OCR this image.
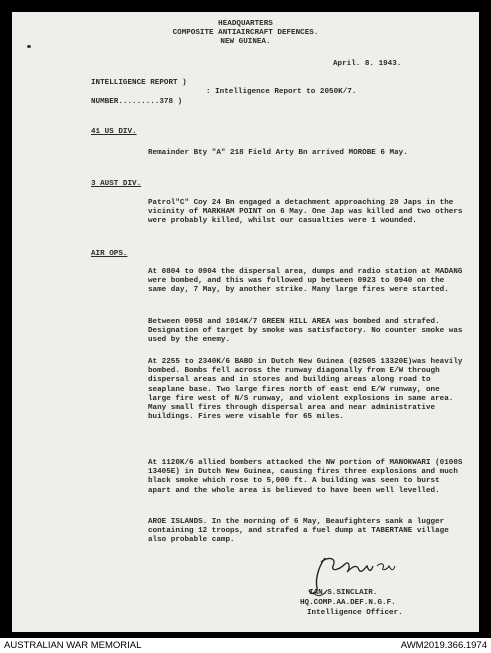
HEADQUARTERS
COMPOSITE ANTIAIRCRAFT DEFENCES.
NEW GUINEA.
April. 8. 1943.
INTELLIGENCE REPORT )
: Intelligence Report to 2050K/7.
NUMBER.........378 )
41 US DIV.
Remainder Bty "A" 218 Field Arty Bn arrived MOROBE 6 May.
3 AUST DIV.
Patrol"C" Coy 24 Bn engaged a detachment approaching 20 Japs in the vicinity of MARKHAM POINT on 6 May. One Jap was killed and two others were probably killed, whilst our casualties were 1 wounded.
AIR OPS.
At 0804 to 0904 the dispersal area, dumps and radio station at MADANG were bombed, and this was followed up between 0923 to 0940 on the same day, 7 May, by another strike. Many large fires were started.
Between 0958 and 1014K/7 GREEN HILL AREA was bombed and strafed. Designation of target by smoke was satisfactory. No counter smoke was used by the enemy.
At 2255 to 2340K/6 BABO in Dutch New Guinea (0250S 13320E)was heavily bombed. Bombs fell across the runway diagonally from E/W through dispersal areas and in stores and building areas along road to seaplane base. Two large fires north of east end E/W runway, one large fire west of N/S runway, and violent explosions in same area. Many small fires through dispersal area and near administrative buildings. Fires were visable for 65 miles.
At 1120K/6 allied bombers attacked the NW portion of MANOKWARI (0100S 13405E) in Dutch New Guinea, causing fires three explosions and much black smoke which rose to 5,000 ft. A building was seen to burst apart and the whole area is believed to have been well levelled.
AROE ISLANDS. In the morning of 6 May, Beaufighters sank a lugger containing 12 troops, and strafed a fuel dump at TABERTANE village also probable camp.
IAN.S.SINCLAIR.
HQ.COMP.AA.DEF.N.G.F.
Intelligence Officer.
AUSTRALIAN WAR MEMORIAL	AWM2019.366.1974
